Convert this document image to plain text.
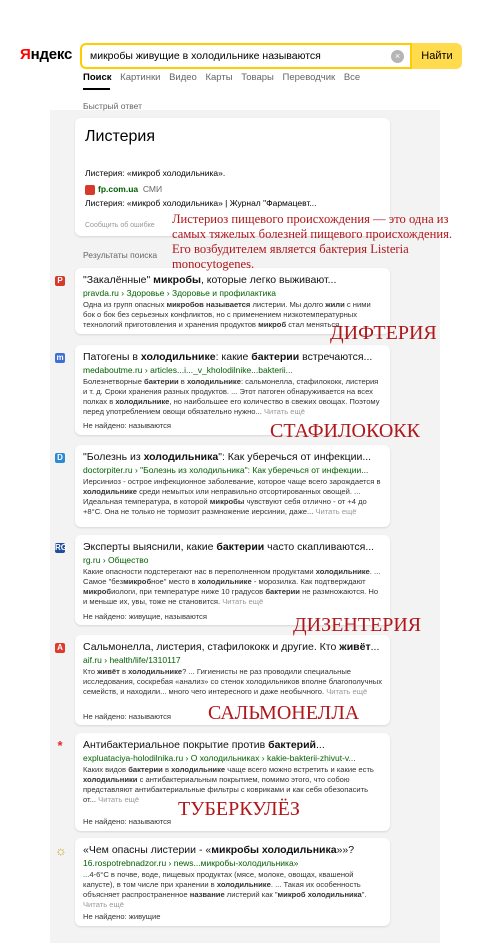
Яндекс микробы живущие в холодильнике называются	×	Найти
Поиск Картинки Видео Карты Товары Переводчик Все
Быстрый ответ
Листерия
Листерия: «микроб холодильника».
fp.com.ua СМИ
Листерия: «микроб холодильника» | Журнал "Фармацевт...
Сообщить об ошибке
Результаты поиска
"Закалённые" микробы, которые легко выживают...
pravda.ru › Здоровье › Здоровье и профилактика
Одна из групп опасных микробов называется листерии. Мы долго жили с ними бок о бок без серьезных конфликтов, но с применением низкотемпературных технологий приготовления и хранения продуктов микроб стал меняться.
P
Патогены в холодильнике: какие бактерии встречаются...
medaboutme.ru › articles...i..._v_kholodilnike...bakterii...
Болезнетворные бактерии в холодильнике: сальмонелла, стафилококк, листерия и т. д. Сроки хранения разных продуктов. ... Этот патоген обнаруживается на всех полках в холодильнике, но наибольшее его количество в свежих овощах. Поэтому перед употреблением овощи обязательно нужно... Читать ещё
Не найдено: называются
m
"Болезнь из холодильника": Как уберечься от инфекции...
doctorpiter.ru › "Болезнь из холодильника": Как уберечься от инфекции...
Иерсиниоз - острое инфекционное заболевание, которое чаще всего зарождается в холодильнике среди немытых или неправильно отсортированных овощей. ... Идеальная температура, в которой микробы чувствуют себя отлично - от +4 до +8°С. Она не только не тормозит размножение иерсинии, даже... Читать ещё
D
Эксперты выяснили, какие бактерии часто скапливаются...
rg.ru › Общество
Какие опасности подстерегают нас в переполненном продуктами холодильнике. ... Самое "безмикробное" место в холодильнике - морозилка. Как подтверждают микробиологи, при температуре ниже 10 градусов бактерии не размножаются. Но и меньше их, увы, тоже не становится. Читать ещё
Не найдено: живущие, называются
RG
Сальмонелла, листерия, стафилококк и другие. Кто живёт...
aif.ru › health/life/1310117
Кто живёт в холодильнике? ... Гигиенисты не раз проводили специальные исследования, соскребая «анализ» со стенок холодильников вполне благополучных семейств, и находили... много чего интересного и даже необычного. Читать ещё
Не найдено: называются
A
Антибактериальное покрытие против бактерий...
expluataciya-holodilnika.ru › О холодильниках › kakie-bakterii-zhivut-v...
Каких видов бактерии в холодильнике чаще всего можно встретить и какие есть холодильники с антибактериальным покрытием, помимо этого, что собою представляют антибактериальные фильтры с ковриками и как себя обезопасить от... Читать ещё
Не найдено: называются
*
«Чем опасны листерии - «микробы холодильника»»?
16.rospotrebnadzor.ru › news...микробы-холодильника»
...4-6°С в почве, воде, пищевых продуктах (мясе, молоке, овощах, квашеной капусте), в том числе при хранении в холодильнике. ... Такая их особенность объясняет распространенное название листерий как "микроб холодильника". Читать ещё
Не найдено: живущие
☼
Листериоз пищевого происхождения — это одна из самых тяжелых болезней пищевого происхождения. Его возбудителем является бактерия Listeria monocytogenes.
ДИФТЕРИЯ
СТАФИЛОКОКК
ДИЗЕНТЕРИЯ
САЛЬМОНЕЛЛА
ТУБЕРКУЛЁЗ
